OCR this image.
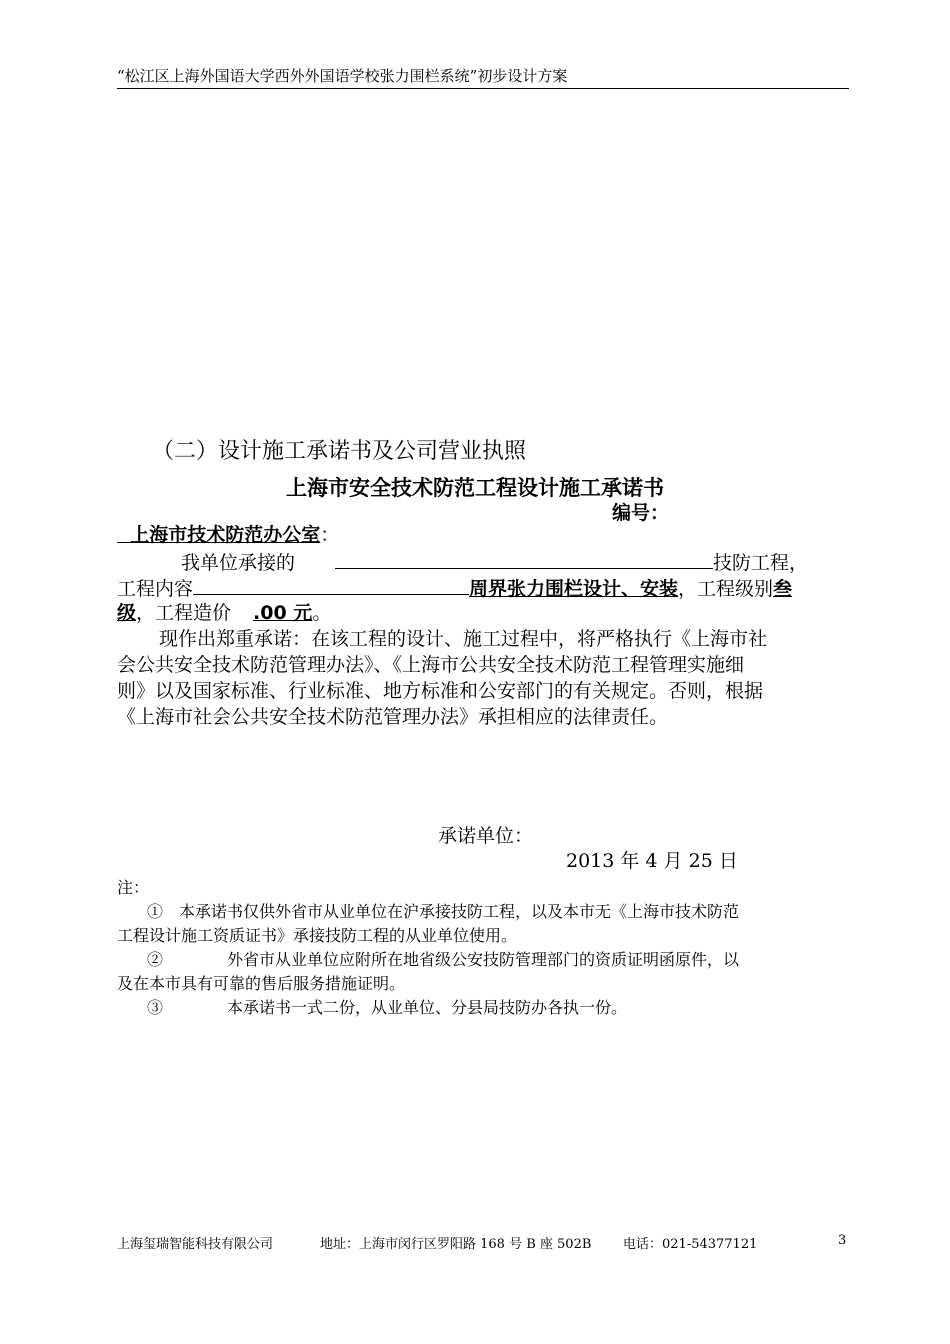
“松江区上海外国语大学西外外国语学校张力围栏系统”初步设计方案
（二）设计施工承诺书及公司营业执照
上海市安全技术防范工程设计施工承诺书
编号：
上海市技术防范办公室：
我单位承接的	技防工程，
工程内容	周界张力围栏设计、安装，工程级别叁
级，工程造价 .00 元。
现作出郑重承诺：在该工程的设计、施工过程中，将严格执行《上海市社
会公共安全技术防范管理办法》、《上海市公共安全技术防范工程管理实施细
则》以及国家标准、行业标准、地方标准和公安部门的有关规定。否则，根据
《上海市社会公共安全技术防范管理办法》承担相应的法律责任。
承诺单位：
2013 年 4 月 25 日
注：
①　本承诺书仅供外省市从业单位在沪承接技防工程，以及本市无《上海市技术防范
工程设计施工资质证书》承接技防工程的从业单位使用。
②　　　　外省市从业单位应附所在地省级公安技防管理部门的资质证明函原件，以
及在本市具有可靠的售后服务措施证明。
③　　　　本承诺书一式二份，从业单位、分县局技防办各执一份。
上海玺瑞智能科技有限公司	地址：上海市闵行区罗阳路 168 号 B 座 502B 电话：021-54377121	3
